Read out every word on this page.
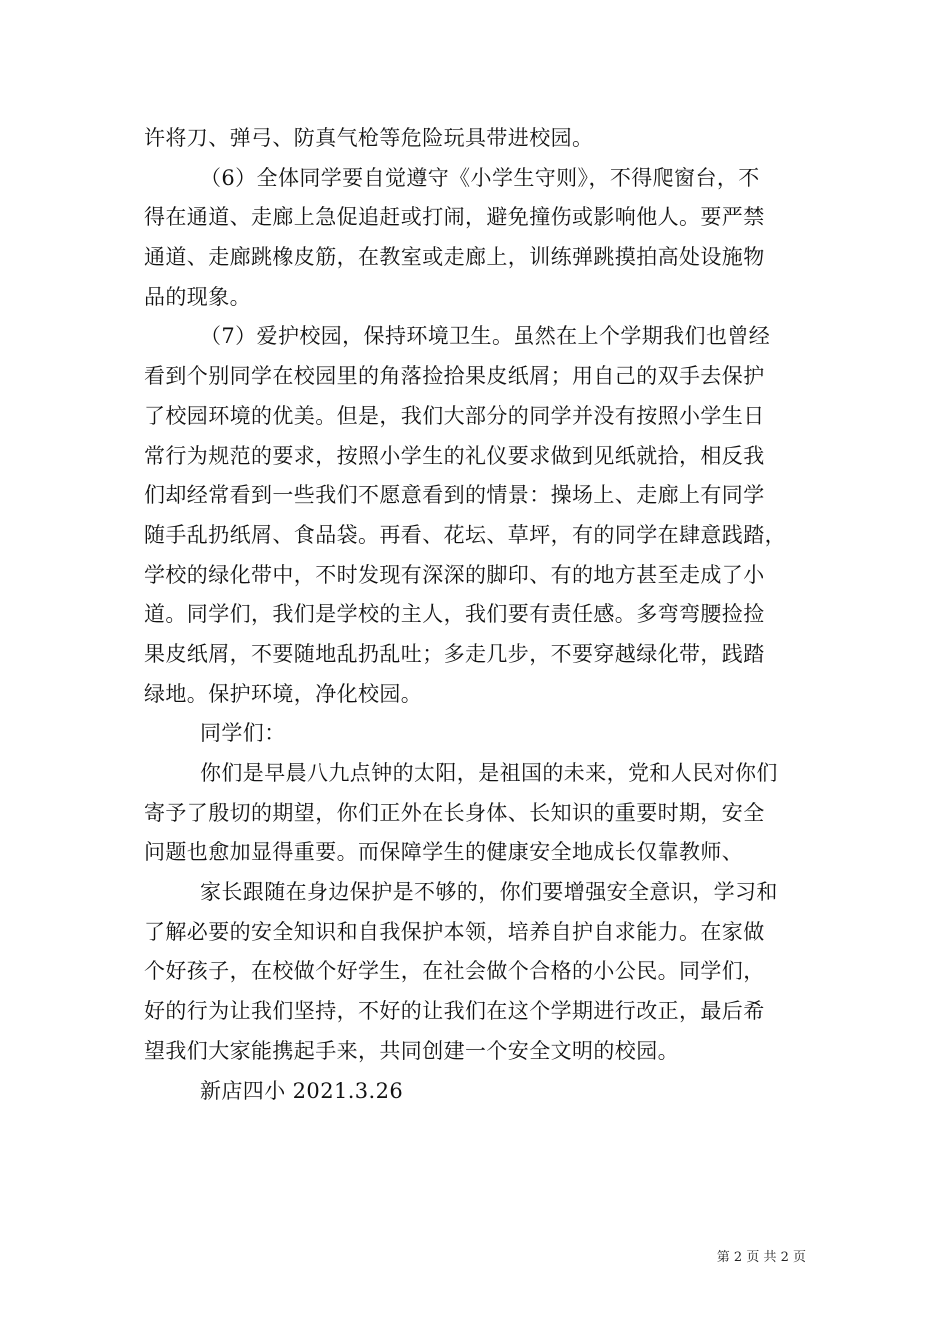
许将刀、弹弓、防真气枪等危险玩具带进校园。
（6）全体同学要自觉遵守《小学生守则》，不得爬窗台，不
得在通道、走廊上急促追赶或打闹，避免撞伤或影响他人。要严禁
通道、走廊跳橡皮筋，在教室或走廊上，训练弹跳摸拍高处设施物
品的现象。
（7）爱护校园，保持环境卫生。虽然在上个学期我们也曾经
看到个别同学在校园里的角落捡拾果皮纸屑；用自己的双手去保护
了校园环境的优美。但是，我们大部分的同学并没有按照小学生日
常行为规范的要求，按照小学生的礼仪要求做到见纸就拾，相反我
们却经常看到一些我们不愿意看到的情景：操场上、走廊上有同学
随手乱扔纸屑、食品袋。再看、花坛、草坪，有的同学在肆意践踏，
学校的绿化带中，不时发现有深深的脚印、有的地方甚至走成了小
道。同学们，我们是学校的主人，我们要有责任感。多弯弯腰捡捡
果皮纸屑，不要随地乱扔乱吐；多走几步，不要穿越绿化带，践踏
绿地。保护环境，净化校园。
同学们：
你们是早晨八九点钟的太阳，是祖国的未来，党和人民对你们
寄予了殷切的期望，你们正外在长身体、长知识的重要时期，安全
问题也愈加显得重要。而保障学生的健康安全地成长仅靠教师、
家长跟随在身边保护是不够的，你们要增强安全意识，学习和
了解必要的安全知识和自我保护本领，培养自护自求能力。在家做
个好孩子，在校做个好学生，在社会做个合格的小公民。同学们，
好的行为让我们坚持，不好的让我们在这个学期进行改正，最后希
望我们大家能携起手来，共同创建一个安全文明的校园。
新店四小 2021.3.26
第 2 页 共 2 页
